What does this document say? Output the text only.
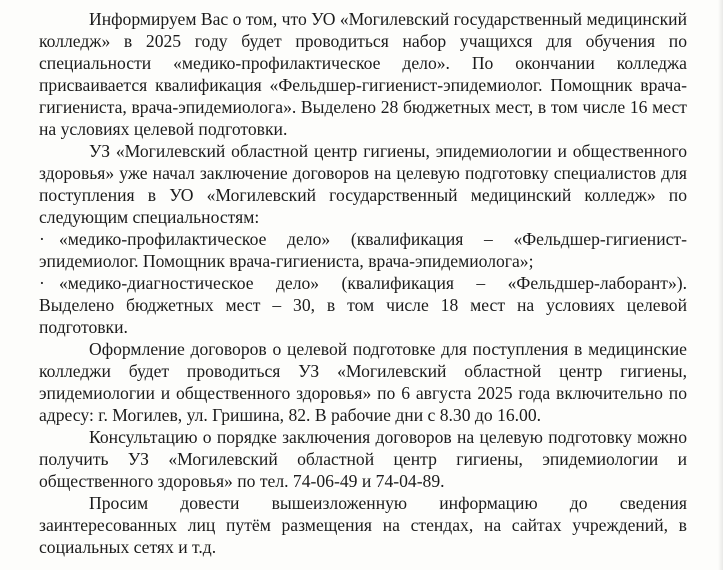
Информируем Вас о том, что УО «Могилевский государственный медицинский колледж» в 2025 году будет проводиться набор учащихся для обучения по специальности «медико-профилактическое дело». По окончании колледжа присваивается квалификация «Фельдшер-гигиенист-эпидемиолог. Помощник врача-гигиениста, врача-эпидемиолога». Выделено 28 бюджетных мест, в том числе 16 мест на условиях целевой подготовки.

УЗ «Могилевский областной центр гигиены, эпидемиологии и общественного здоровья» уже начал заключение договоров на целевую подготовку специалистов для поступления в УО «Могилевский государственный медицинский колледж» по следующим специальностям:

· «медико-профилактическое дело» (квалификация – «Фельдшер-гигиенист-эпидемиолог. Помощник врача-гигиениста, врача-эпидемиолога»;

· «медико-диагностическое дело» (квалификация – «Фельдшер-лаборант»). Выделено бюджетных мест – 30, в том числе 18 мест на условиях целевой подготовки.

Оформление договоров о целевой подготовке для поступления в медицинские колледжи будет проводиться УЗ «Могилевский областной центр гигиены, эпидемиологии и общественного здоровья» по 6 августа 2025 года включительно по адресу: г. Могилев, ул. Гришина, 82. В рабочие дни с 8.30 до 16.00.

Консультацию о порядке заключения договоров на целевую подготовку можно получить УЗ «Могилевский областной центр гигиены, эпидемиологии и общественного здоровья» по тел. 74-06-49 и 74-04-89.

Просим довести вышеизложенную информацию до сведения заинтересованных лиц путём размещения на стендах, на сайтах учреждений, в социальных сетях и т.д.
